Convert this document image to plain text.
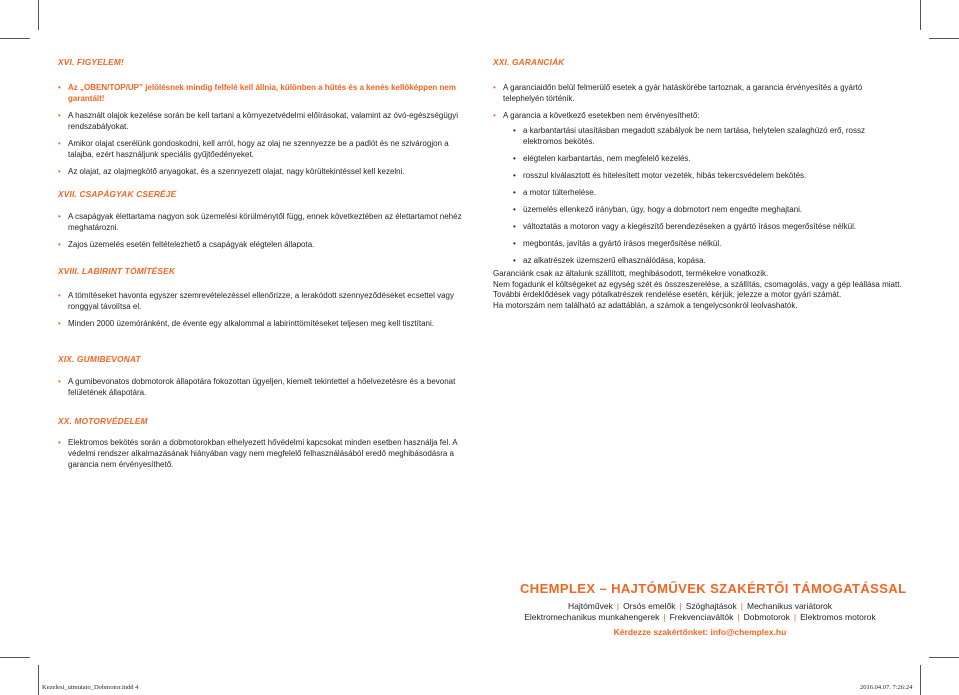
XVI. FIGYELEM!
• Az „OBEN/TOP/UP” jelölésnek mindig felfelé kell állnia, különben a hűtés és a kenés kellőképpen nem garantált!
• A használt olajok kezelése során be kell tartani a környezetvédelmi előírásokat, valamint az óvó-egészségügyi rendszabályokat.
• Amikor olajat cserélünk gondoskodni, kell arról, hogy az olaj ne szennyezze be a padlót és ne szivárogjon a talajba, ezért használjunk speciális gyűjtőedényeket.
• Az olajat, az olajmegkötő anyagokat, és a szennyezett olajat, nagy körültekintéssel kell kezelni.
XVII. CSAPÁGYAK CSERÉJE
• A csapágyak élettartama nagyon sok üzemelési körülménytől függ, ennek következtében az élettartamot nehéz meghatározni.
• Zajos üzemelés esetén feltételezhető a csapágyak elégtelen állapota.
XVIII. LABIRINT TÖMÍTÉSEK
• A tömítéseket havonta egyszer szemrevételezéssel ellenőrizze, a lerakódott szennyeződéseket ecsettel vagy ronggyal távolítsa el.
• Minden 2000 üzemóránként, de évente egy alkalommal a labirinttömítéseket teljesen meg kell tisztítani.
XIX. GUMIBEVONAT
• A gumibevonatos dobmotorok állapotára fokozottan ügyeljen, kiemelt tekintettel a hőelvezetésre és a bevonat felületének állapotára.
XX. MOTORVÉDELEM
• Elektromos bekötés során a dobmotorokban elhelyezett hővédelmi kapcsokat minden esetben használja fel. A védelmi rendszer alkalmazásának hiányában vagy nem megfelelő felhasználásából eredő meghibásodásra a garancia nem érvényesíthető.
XXI. GARANCIÁK
• A garanciaidőn belül felmerülő esetek a gyár hatáskörébe tartoznak, a garancia érvényesítés a gyártó telephelyén történik.
• A garancia a következő esetekben nem érvényesíthető:
• a karbantartási utasításban megadott szabályok be nem tartása, helytelen szalaghúzó erő, rossz elektromos bekötés.
• elégtelen karbantartás, nem megfelelő kezelés.
• rosszul kiválasztott és hitelesített motor vezeték, hibás tekercsvédelem bekötés.
• a motor túlterhelése.
• üzemelés ellenkező irányban, úgy, hogy a dobmotort nem engedte meghajtani.
• változtatás a motoron vagy a kiegészítő berendezéseken a gyártó írásos megerősítése nélkül.
• megbontás, javítás a gyártó írásos megerősítése nélkül.
• az alkatrészek üzemszerű elhasználódása, kopása.
Garanciánk csak az általunk szállított, meghibásodott, termékekre vonatkozik.
Nem fogadunk el költségeket az egység szét és összeszerelése, a szállítás, csomagolás, vagy a gép leállása miatt.
További érdeklődések vagy pótalkatrészek rendelése esetén, kérjük, jelezze a motor gyári számát.
Ha motorszám nem található az adattáblán, a számok a tengelycsonkról leolvashatók.
CHEMPLEX – HAJTÓMŰVEK SZAKÉRTŐI TÁMOGATÁSSAL
Hajtóművek | Orsós emelők | Szöghajtások | Mechanikus variátorok
Elektromechanikus munkahengerek | Frekvenciaváltók | Dobmotorok | Elektromos motorok
Kérdezze szakértőnket: info@chemplex.hu
Kezelesi_utmutato_Dobmotor.indd 4	2016.04.07. 7:26:24
